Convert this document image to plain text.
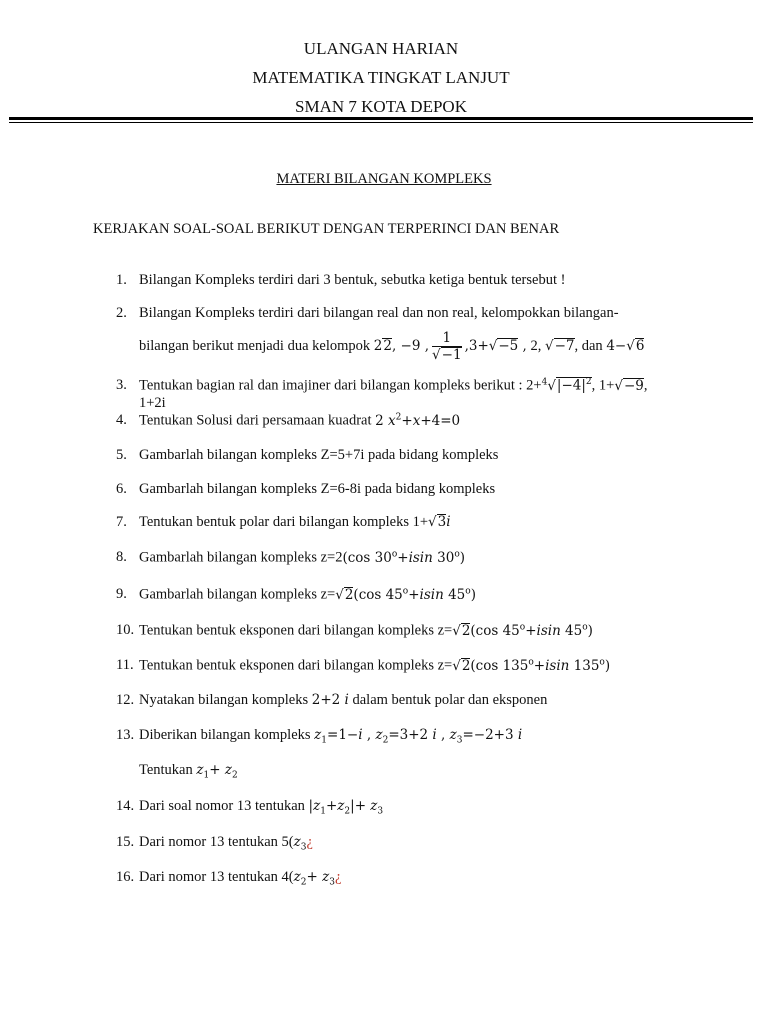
ULANGAN HARIAN
MATEMATIKA TINGKAT LANJUT
SMAN 7 KOTA DEPOK
MATERI BILANGAN KOMPLEKS
KERJAKAN SOAL-SOAL BERIKUT DENGAN TERPERINCI DAN BENAR
1. Bilangan Kompleks terdiri dari 3 bentuk, sebutka ketiga bentuk tersebut !
2. Bilangan Kompleks terdiri dari bilangan real dan non real, kelompokkan bilangan-
bilangan berikut menjadi dua kelompok 22, −9 , $\frac{1}{√-1} ,3+√-5$ , 2, √−7, dan 4−√6
3. Tentukan bagian ral dan imajiner dari bilangan kompleks berikut : $2+^4√|-4|^2$, 1+√−9,
1+2i
4. Tentukan Solusi dari persamaan kuadrat 2 $x^2+x+4=0$
5. Gambarlah bilangan kompleks Z=5+7i pada bidang kompleks
6. Gambarlah bilangan kompleks Z=6-8i pada bidang kompleks
7. Tentukan bentuk polar dari bilangan kompleks 1+√3i
8. Gambarlah bilangan kompleks z=2(cos $30^o+isin$ 30$^o$)
9. Gambarlah bilangan kompleks z=√2(cos $45^o+isin$ 45$^o$)
10. Tentukan bentuk eksponen dari bilangan kompleks z=√2(cos $45^o+isin$ 45$^o$)
11. Tentukan bentuk eksponen dari bilangan kompleks z=√2(cos $135^o+isin$ 135$^o$)
12. Nyatakan bilangan kompleks 2+2 i dalam bentuk polar dan eksponen
13. Diberikan bilangan kompleks $z_1=1-i$ , $z_2=3+2$ i , $z_3=-2+3$ i
Tentukan $z_1+ z_2$
14. Dari soal nomor 13 tentukan $|z_1+z_2|+ z_3$
15. Dari nomor 13 tentukan $5(z_3¿$
16. Dari nomor 13 tentukan $4(z_2+$ $z_3¿$
